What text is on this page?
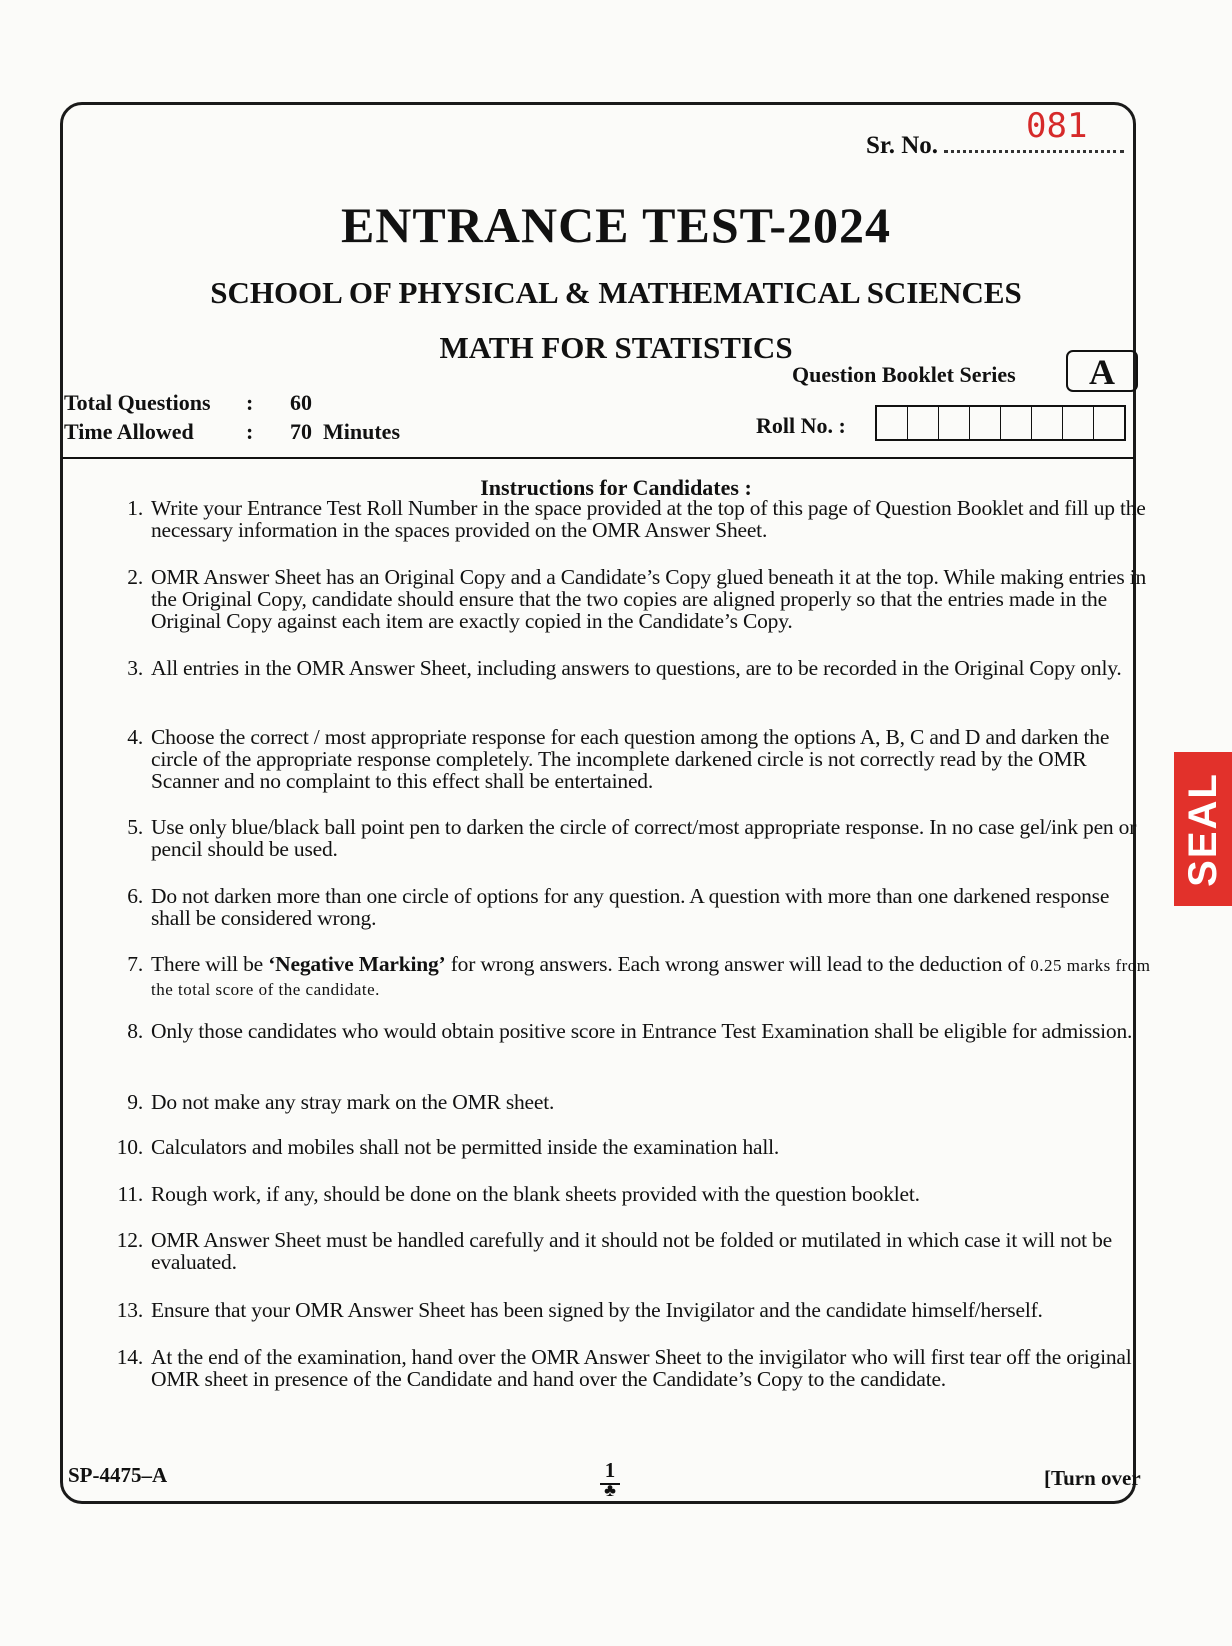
Sr. No.	081
ENTRANCE TEST-2024
SCHOOL OF PHYSICAL & MATHEMATICAL SCIENCES
MATH FOR STATISTICS
Total Questions : 60
Time Allowed : 70  Minutes
Question Booklet Series	A
Roll No. :
Instructions for Candidates :
1. Write your Entrance Test Roll Number in the space provided at the top of this page of Question Booklet and fill up the necessary information in the spaces provided on the OMR Answer Sheet.
2. OMR Answer Sheet has an Original Copy and a Candidate’s Copy glued beneath it at the top. While making entries in the Original Copy, candidate should ensure that the two copies are aligned properly so that the entries made in the Original Copy against each item are exactly copied in the Candidate’s Copy.
3. All entries in the OMR Answer Sheet, including answers to questions, are to be recorded in the Original Copy only.
4. Choose the correct / most appropriate response for each question among the options A, B, C and D and darken the circle of the appropriate response completely. The incomplete darkened circle is not correctly read by the OMR Scanner and no complaint to this effect shall be entertained.
5. Use only blue/black ball point pen to darken the circle of correct/most appropriate response. In no case gel/ink pen or pencil should be used.
6. Do not darken more than one circle of options for any question. A question with more than one darkened response shall be considered wrong.
7. There will be ‘Negative Marking’ for wrong answers. Each wrong answer will lead to the deduction of 0.25 marks from the total score of the candidate.
8. Only those candidates who would obtain positive score in Entrance Test Examination shall be eligible for admission.
9. Do not make any stray mark on the OMR sheet.
10. Calculators and mobiles shall not be permitted inside the examination hall.
11. Rough work, if any, should be done on the blank sheets provided with the question booklet.
12. OMR Answer Sheet must be handled carefully and it should not be folded or mutilated in which case it will not be evaluated.
13. Ensure that your OMR Answer Sheet has been signed by the Invigilator and the candidate himself/herself.
14. At the end of the examination, hand over the OMR Answer Sheet to the invigilator who will first tear off the original OMR sheet in presence of the Candidate and hand over the Candidate’s Copy to the candidate.
SP-4475–A	1
♣	[Turn over
SEAL
